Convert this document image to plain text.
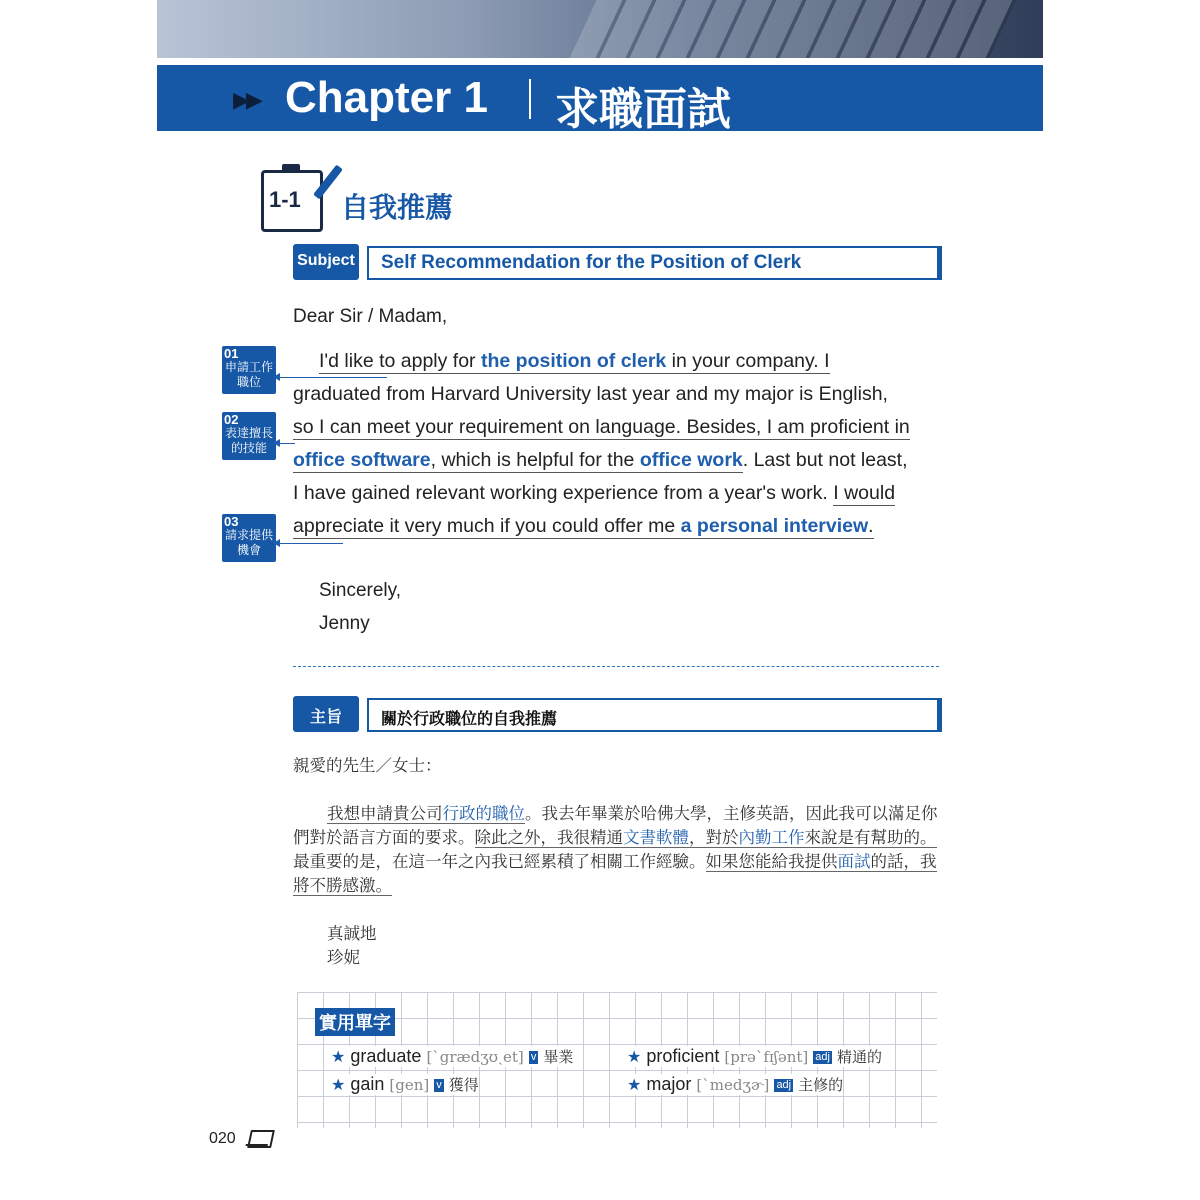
▶▶ Chapter 1 求職面試
1-1 自我推薦
★★★
Subject Self Recommendation for the Position of Clerk
Dear Sir / Madam,
I'd like to apply for the position of clerk in your company. I
graduated from Harvard University last year and my major is English,
so I can meet your requirement on language. Besides, I am proficient in
office software, which is helpful for the office work. Last but not least,
I have gained relevant working experience from a year's work. I would
appreciate it very much if you could offer me a personal interview.
01
申請工作
職位
02
表達擅長
的技能
03
請求提供
機會
Sincerely,
Jenny
★★★
主旨	關於行政職位的自我推薦
親愛的先生／女士：
我想申請貴公司行政的職位。我去年畢業於哈佛大學，主修英語，因此我可以滿足你
們對於語言方面的要求。除此之外，我很精通文書軟體，對於內勤工作來說是有幫助的。
最重要的是，在這一年之內我已經累積了相關工作經驗。如果您能給我提供面試的話，我
將不勝感激。
真誠地
珍妮
實用單字
★ graduate [ˋgrædʒʊˏet] v 畢業	★ proficient [prəˋfɪʃənt] adj 精通的
★ gain [gen] v 獲得	★ major [ˋmedʒɚ] adj 主修的
020
